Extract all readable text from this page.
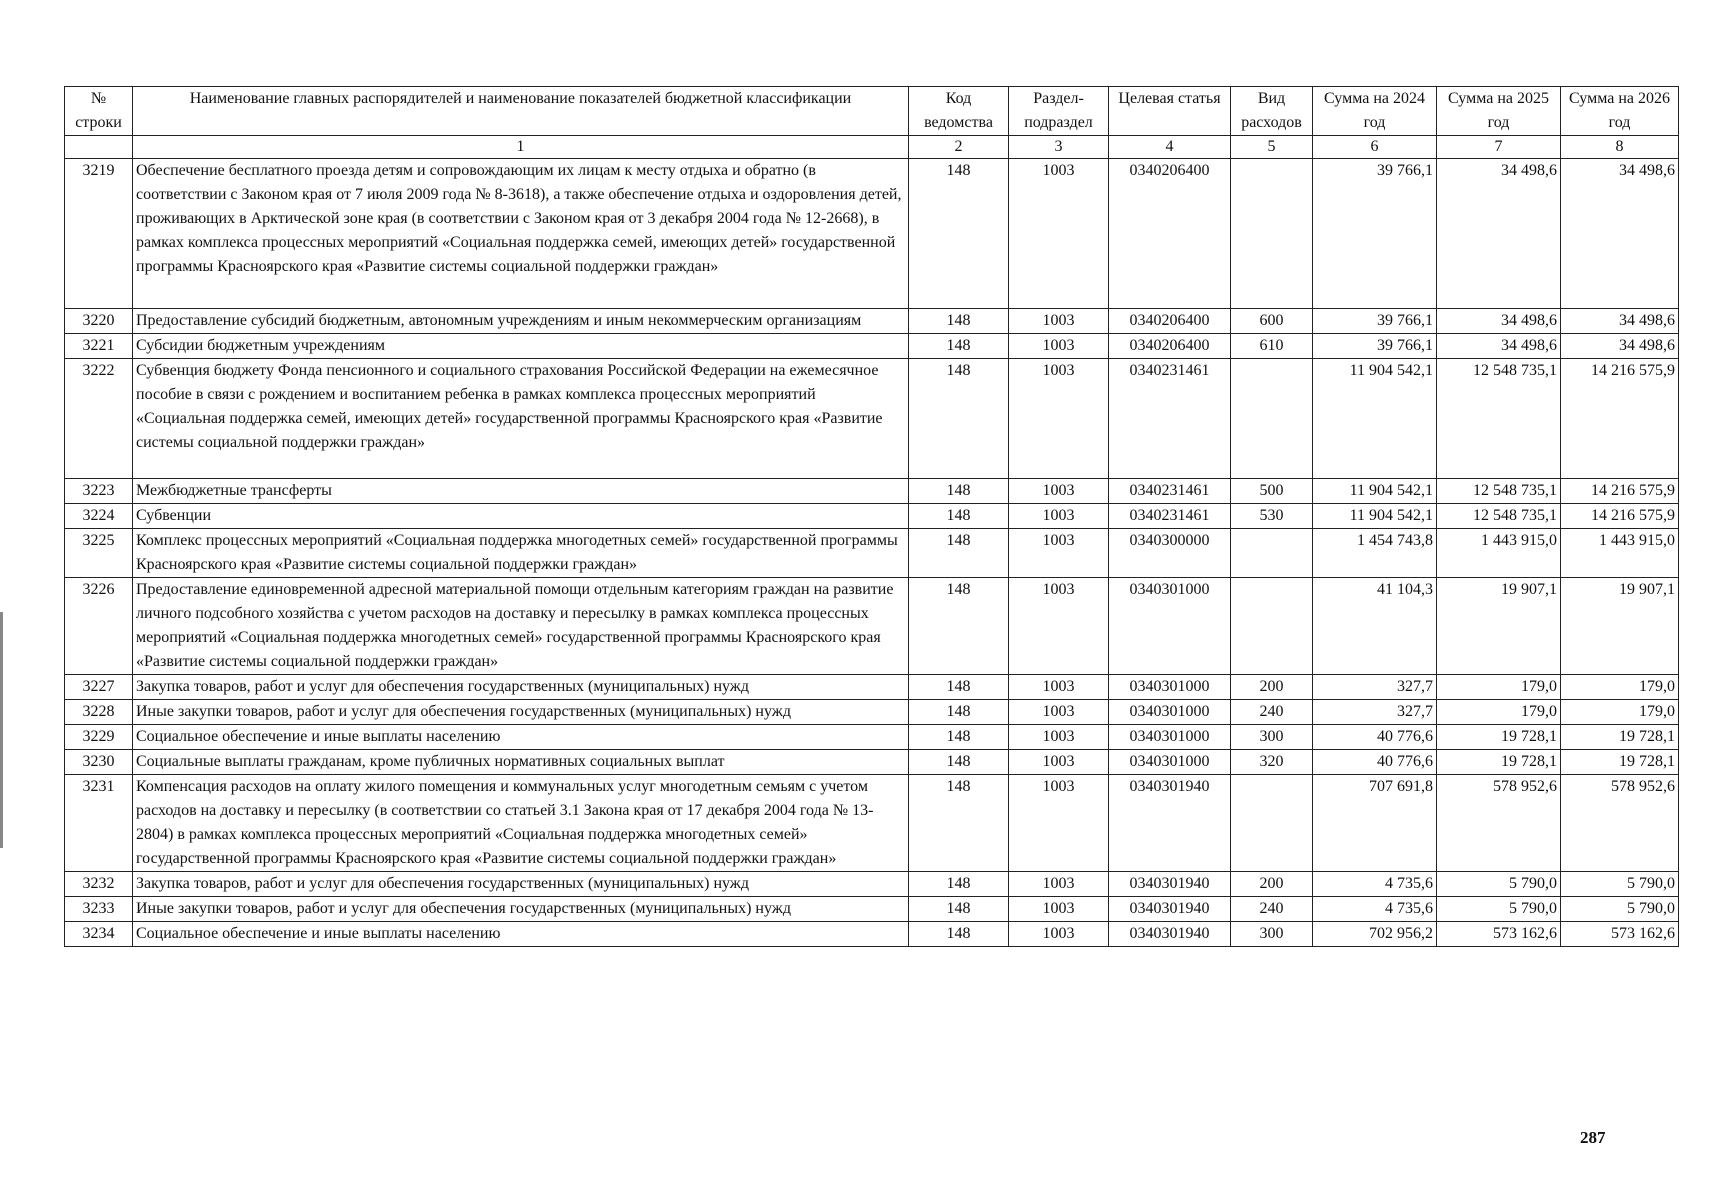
№ строки	Наименование главных распорядителей и наименование показателей бюджетной классификации	Код ведомства	Раздел-подраздел	Целевая статья	Вид расходов	Сумма на 2024 год	Сумма на 2025 год	Сумма на 2026 год
	1	2	3	4	5	6	7	8
3219	Обеспечение бесплатного проезда детям и сопровождающим их лицам к месту отдыха и обратно (в соответствии с Законом края от 7 июля 2009 года № 8-3618), а также обеспечение отдыха и оздоровления детей, проживающих в Арктической зоне края (в соответствии с Законом края от 3 декабря 2004 года № 12-2668), в рамках комплекса процессных мероприятий «Социальная поддержка семей, имеющих детей» государственной программы Красноярского края «Развитие системы социальной поддержки граждан»	148	1003	0340206400		39 766,1	34 498,6	34 498,6
3220	Предоставление субсидий бюджетным, автономным учреждениям и иным некоммерческим организациям	148	1003	0340206400	600	39 766,1	34 498,6	34 498,6
3221	Субсидии бюджетным учреждениям	148	1003	0340206400	610	39 766,1	34 498,6	34 498,6
3222	Субвенция бюджету Фонда пенсионного и социального страхования Российской Федерации на ежемесячное пособие в связи с рождением и воспитанием ребенка в рамках комплекса процессных мероприятий «Социальная поддержка семей, имеющих детей» государственной программы Красноярского края «Развитие системы социальной поддержки граждан»	148	1003	0340231461		11 904 542,1	12 548 735,1	14 216 575,9
3223	Межбюджетные трансферты	148	1003	0340231461	500	11 904 542,1	12 548 735,1	14 216 575,9
3224	Субвенции	148	1003	0340231461	530	11 904 542,1	12 548 735,1	14 216 575,9
3225	Комплекс процессных мероприятий «Социальная поддержка многодетных семей» государственной программы Красноярского края «Развитие системы социальной поддержки граждан»	148	1003	0340300000		1 454 743,8	1 443 915,0	1 443 915,0
3226	Предоставление единовременной адресной материальной помощи отдельным категориям граждан на развитие личного подсобного хозяйства с учетом расходов на доставку и пересылку в рамках комплекса процессных мероприятий «Социальная поддержка многодетных семей» государственной программы Красноярского края «Развитие системы социальной поддержки граждан»	148	1003	0340301000		41 104,3	19 907,1	19 907,1
3227	Закупка товаров, работ и услуг для обеспечения государственных (муниципальных) нужд	148	1003	0340301000	200	327,7	179,0	179,0
3228	Иные закупки товаров, работ и услуг для обеспечения государственных (муниципальных) нужд	148	1003	0340301000	240	327,7	179,0	179,0
3229	Социальное обеспечение и иные выплаты населению	148	1003	0340301000	300	40 776,6	19 728,1	19 728,1
3230	Социальные выплаты гражданам, кроме публичных нормативных социальных выплат	148	1003	0340301000	320	40 776,6	19 728,1	19 728,1
3231	Компенсация расходов на оплату жилого помещения и коммунальных услуг многодетным семьям с учетом расходов на доставку и пересылку (в соответствии со статьей 3.1 Закона края от 17 декабря 2004 года № 13-2804) в рамках комплекса процессных мероприятий «Социальная поддержка многодетных семей» государственной программы Красноярского края «Развитие системы социальной поддержки граждан»	148	1003	0340301940		707 691,8	578 952,6	578 952,6
3232	Закупка товаров, работ и услуг для обеспечения государственных (муниципальных) нужд	148	1003	0340301940	200	4 735,6	5 790,0	5 790,0
3233	Иные закупки товаров, работ и услуг для обеспечения государственных (муниципальных) нужд	148	1003	0340301940	240	4 735,6	5 790,0	5 790,0
3234	Социальное обеспечение и иные выплаты населению	148	1003	0340301940	300	702 956,2	573 162,6	573 162,6
287
